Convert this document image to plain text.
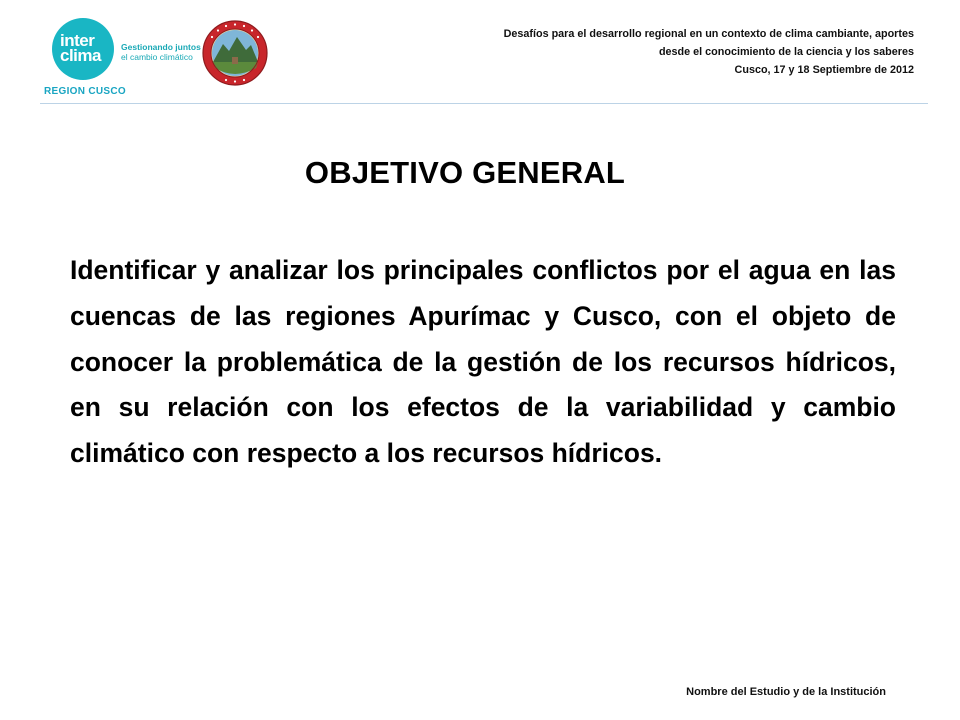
inter
clima Gestionando juntos
el cambio climático
REGION CUSCO
Desafíos para el desarrollo regional en un contexto de clima cambiante, aportes
desde el conocimiento de la ciencia y los saberes
Cusco, 17 y 18 Septiembre de 2012
OBJETIVO GENERAL
Identificar y analizar los principales conflictos por el agua en las cuencas de las regiones Apurímac y Cusco, con el objeto de conocer la problemática de la gestión de los recursos hídricos, en su relación con los efectos de la variabilidad y cambio climático con respecto a los recursos hídricos.
Nombre del Estudio y de la Institución
